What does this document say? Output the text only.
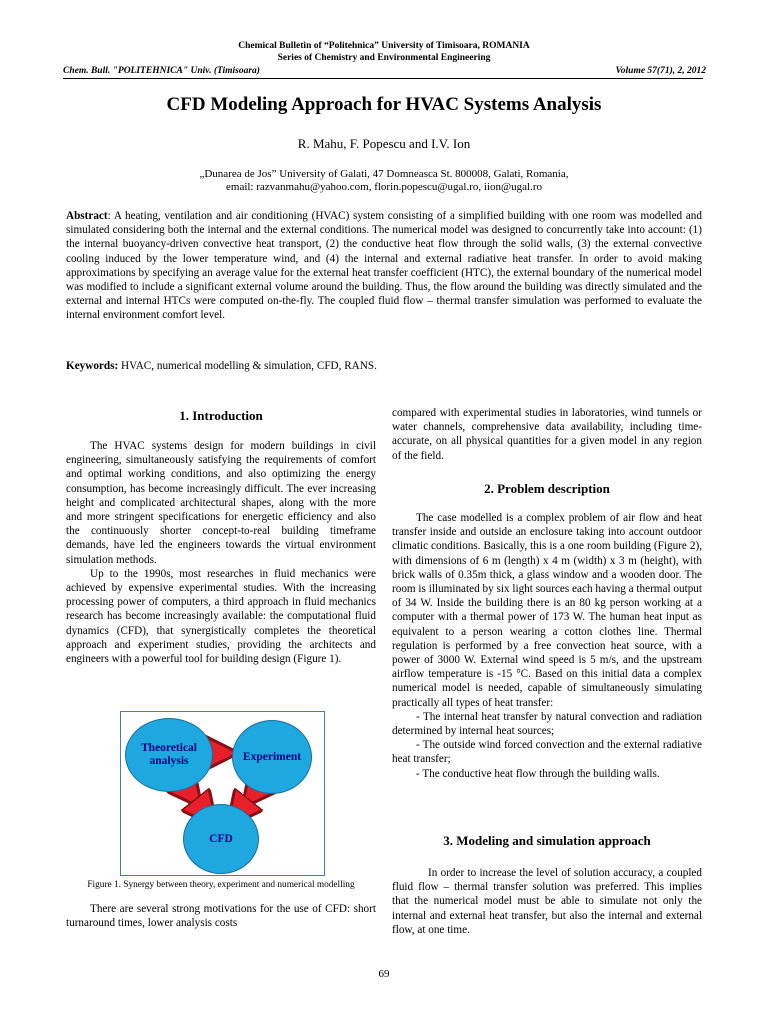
Chemical Bulletin of “Politehnica” University of Timisoara, ROMANIA
Series of Chemistry and Environmental Engineering
Chem. Bull. "POLITEHNICA" Univ. (Timisoara)	Volume 57(71), 2, 2012
CFD Modeling Approach for HVAC Systems Analysis
R. Mahu, F. Popescu and I.V. Ion
„Dunarea de Jos” University of Galati, 47 Domneasca St. 800008, Galati, Romania,
email: razvanmahu@yahoo.com, florin.popescu@ugal.ro, iion@ugal.ro
Abstract: A heating, ventilation and air conditioning (HVAC) system consisting of a simplified building with one room was modelled and simulated considering both the internal and the external conditions. The numerical model was designed to concurrently take into account: (1) the internal buoyancy-driven convective heat transport, (2) the conductive heat flow through the solid walls, (3) the external convective cooling induced by the lower temperature wind, and (4) the internal and external radiative heat transfer. In order to avoid making approximations by specifying an average value for the external heat transfer coefficient (HTC), the external boundary of the numerical model was modified to include a significant external volume around the building. Thus, the flow around the building was directly simulated and the external and internal HTCs were computed on-the-fly. The coupled fluid flow – thermal transfer simulation was performed to evaluate the internal environment comfort level.
Keywords: HVAC, numerical modelling & simulation, CFD, RANS.
1. Introduction

The HVAC systems design for modern buildings in civil engineering, simultaneously satisfying the requirements of comfort and optimal working conditions, and also optimizing the energy consumption, has become increasingly difficult. The ever increasing height and complicated architectural shapes, along with the more and more stringent specifications for energetic efficiency and also the continuously shorter concept-to-real building timeframe demands, have led the engineers towards the virtual environment simulation methods.

Up to the 1990s, most researches in fluid mechanics were achieved by expensive experimental studies. With the increasing processing power of computers, a third approach in fluid mechanics research has become increasingly available: the computational fluid dynamics (CFD), that synergistically completes the theoretical approach and experiment studies, providing the architects and engineers with a powerful tool for building design (Figure 1).

Theoretical analysis	Experiment
CFD
Figure 1. Synergy between theory, experiment and numerical modelling

There are several strong motivations for the use of CFD: short turnaround times, lower analysis costs

compared with experimental studies in laboratories, wind tunnels or water channels, comprehensive data availability, including time-accurate, on all physical quantities for a given model in any region of the field.

2. Problem description

The case modelled is a complex problem of air flow and heat transfer inside and outside an enclosure taking into account outdoor climatic conditions. Basically, this is a one room building (Figure 2), with dimensions of 6 m (length) x 4 m (width) x 3 m (height), with brick walls of 0.35m thick, a glass window and a wooden door. The room is illuminated by six light sources each having a thermal output of 34 W. Inside the building there is an 80 kg person working at a computer with a thermal power of 173 W. The human heat input as equivalent to a person wearing a cotton clothes line. Thermal regulation is performed by a free convection heat source, with a power of 3000 W. External wind speed is 5 m/s, and the upstream airflow temperature is -15 °C. Based on this initial data a complex numerical model is needed, capable of simultaneously simulating practically all types of heat transfer:

- The internal heat transfer by natural convection and radiation determined by internal heat sources;

- The outside wind forced convection and the external radiative heat transfer;

- The conductive heat flow through the building walls.

3. Modeling and simulation approach

In order to increase the level of solution accuracy, a coupled fluid flow – thermal transfer solution was preferred. This implies that the numerical model must be able to simulate not only the internal and external heat transfer, but also the internal and external flow, at one time.

69
